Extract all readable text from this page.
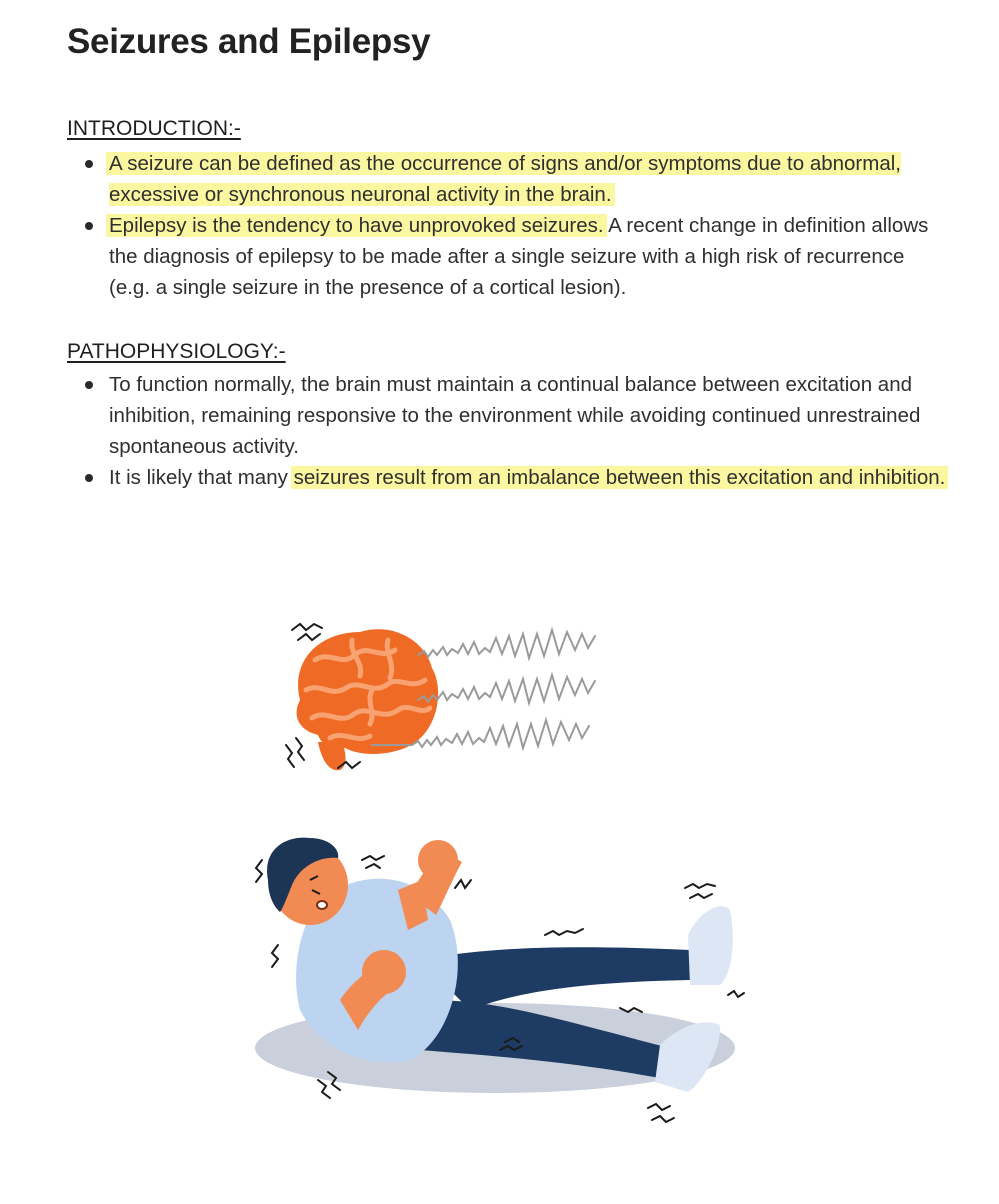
Seizures and Epilepsy

INTRODUCTION:-

A seizure can be defined as the occurrence of signs and/or symptoms due to abnormal, excessive or synchronous neuronal activity in the brain.
Epilepsy is the tendency to have unprovoked seizures. A recent change in definition allows the diagnosis of epilepsy to be made after a single seizure with a high risk of recurrence (e.g. a single seizure in the presence of a cortical lesion).

PATHOPHYSIOLOGY:-

To function normally, the brain must maintain a continual balance between excitation and inhibition, remaining responsive to the environment while avoiding continued unrestrained spontaneous activity.
It is likely that many seizures result from an imbalance between this excitation and inhibition.
